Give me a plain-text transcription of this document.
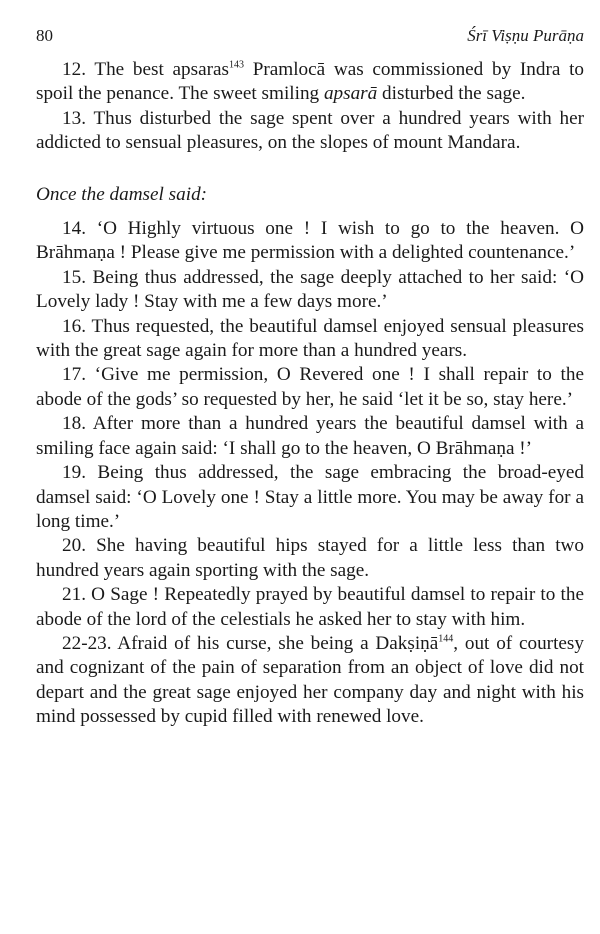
80	Śrī Viṣṇu Purāṇa

12. The best apsaras$^{143}$ Pramlocā was commissioned by Indra to spoil the penance. The sweet smiling apsarā disturbed the sage.

13. Thus disturbed the sage spent over a hundred years with her addicted to sensual pleasures, on the slopes of mount Mandara.

Once the damsel said:

14. ‘O Highly virtuous one ! I wish to go to the heaven. O Brāhmaṇa ! Please give me permission with a delighted countenance.’

15. Being thus addressed, the sage deeply attached to her said: ‘O Lovely lady ! Stay with me a few days more.’

16. Thus requested, the beautiful damsel enjoyed sensual pleasures with the great sage again for more than a hundred years.

17. ‘Give me permission, O Revered one ! I shall repair to the abode of the gods’ so requested by her, he said ‘let it be so, stay here.’

18. After more than a hundred years the beautiful damsel with a smiling face again said: ‘I shall go to the heaven, O Brāhmaṇa !’

19. Being thus addressed, the sage embracing the broad-eyed damsel said: ‘O Lovely one ! Stay a little more. You may be away for a long time.’

20. She having beautiful hips stayed for a little less than two hundred years again sporting with the sage.

21. O Sage ! Repeatedly prayed by beautiful damsel to repair to the abode of the lord of the celestials he asked her to stay with him.

22-23. Afraid of his curse, she being a Dakṣiṇā$^{144}$, out of courtesy and cognizant of the pain of separation from an object of love did not depart and the great sage enjoyed her company day and night with his mind possessed by cupid filled with renewed love.
